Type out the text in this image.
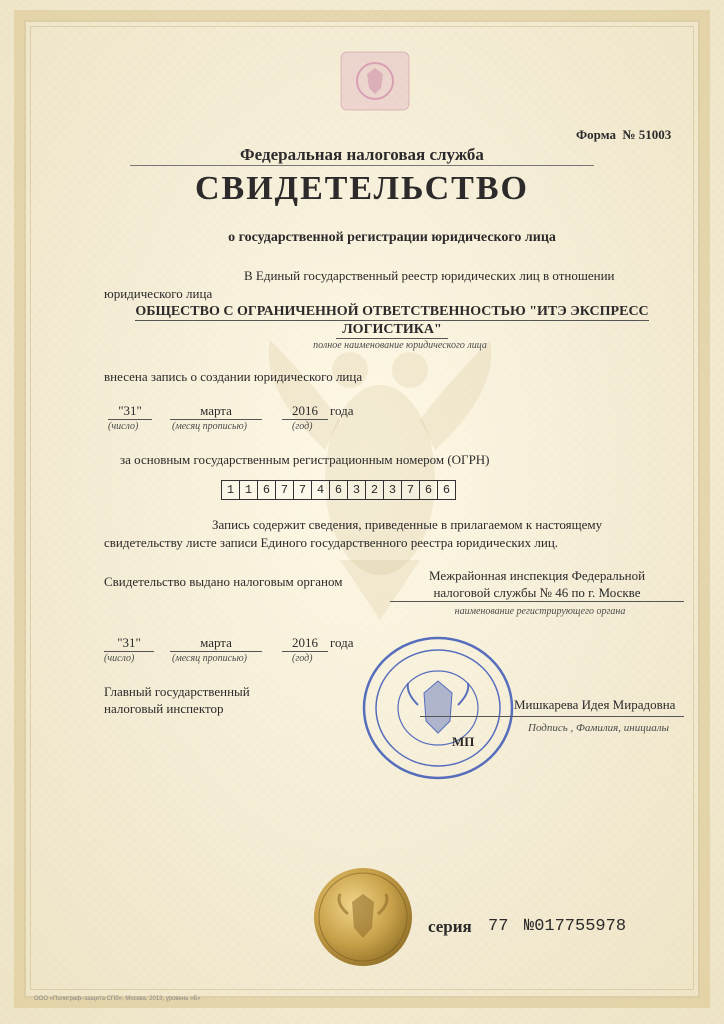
Форма № 51003
Федеральная налоговая служба
СВИДЕТЕЛЬСТВО
о государственной регистрации юридического лица
В Единый государственный реестр юридических лиц в отношении
юридического лица
ОБЩЕСТВО С ОГРАНИЧЕННОЙ ОТВЕТСТВЕННОСТЬЮ "ИТЭ ЭКСПРЕСС
ЛОГИСТИКА"
полное наименование юридического лица
внесена запись о создании юридического лица
"31"	марта	2016 года
(число)	(месяц прописью)	(год)
за основным государственным регистрационным номером (ОГРН)
1 1 6 7 7 4 6 3 2 3 7 6 6
Запись содержит сведения, приведенные в прилагаемом к настоящему
свидетельству листе записи Единого государственного реестра юридических лиц.
Свидетельство выдано налоговым органом	Межрайонная инспекция Федеральной
налоговой службы № 46 по г. Москве
наименование регистрирующего органа
"31"	марта	2016 года
(число)	(месяц прописью)	(год)
Главный государственный
налоговый инспектор	Мишкарева Идея Мирадовна
Подпись , Фамилия, инициалы
МП
серия 77 №017755978
ООО «Полиграф–защита СПб», Москва, 2013, уровень «Б»
